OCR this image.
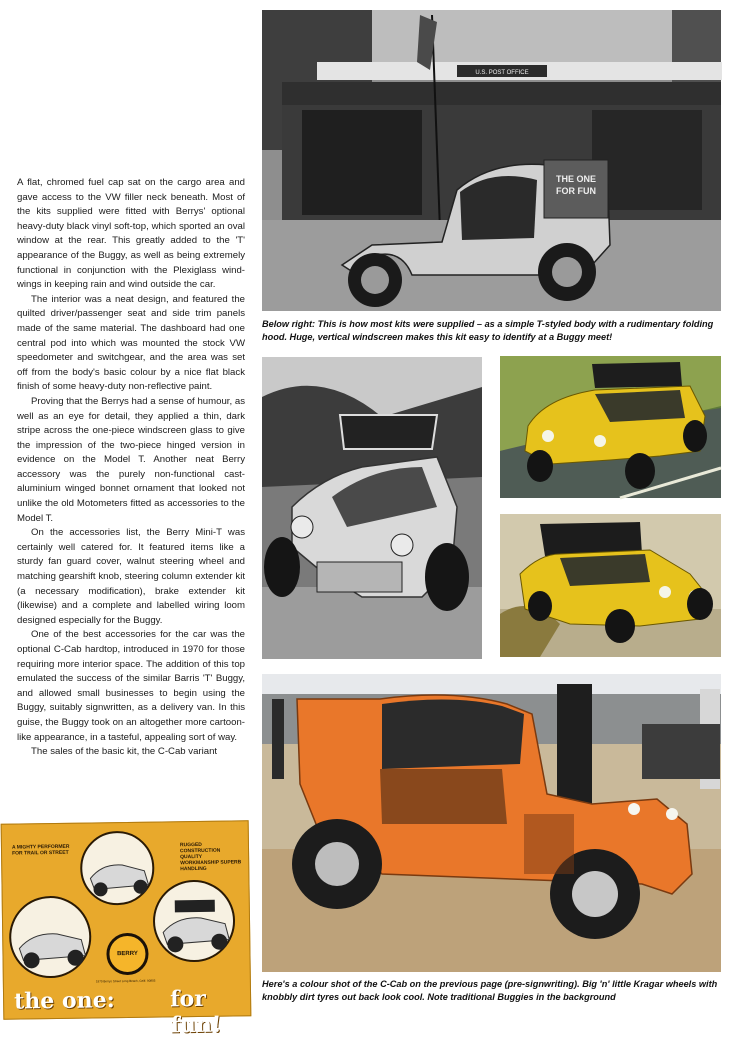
A flat, chromed fuel cap sat on the cargo area and gave access to the VW filler neck beneath. Most of the kits supplied were fitted with Berrys' optional heavy-duty black vinyl soft-top, which sported an oval window at the rear. This greatly added to the 'T' appearance of the Buggy, as well as being extremely functional in conjunction with the Plexiglass wind-wings in keeping rain and wind outside the car.

The interior was a neat design, and featured the quilted driver/passenger seat and side trim panels made of the same material. The dashboard had one central pod into which was mounted the stock VW speedometer and switchgear, and the area was set off from the body's basic colour by a nice flat black finish of some heavy-duty non-reflective paint.

Proving that the Berrys had a sense of humour, as well as an eye for detail, they applied a thin, dark stripe across the one-piece windscreen glass to give the impression of the two-piece hinged version in evidence on the Model T. Another neat Berry accessory was the purely non-functional cast-aluminium winged bonnet ornament that looked not unlike the old Motometers fitted as accessories to the Model T.

On the accessories list, the Berry Mini-T was certainly well catered for. It featured items like a sturdy fan guard cover, walnut steering wheel and matching gearshift knob, steering column extender kit (a necessary modification), brake extender kit (likewise) and a complete and labelled wiring loom designed especially for the Buggy.

One of the best accessories for the car was the optional C-Cab hardtop, introduced in 1970 for those requiring more interior space. The addition of this top emulated the success of the similar Barris 'T' Buggy, and allowed small businesses to begin using the Buggy, suitably signwritten, as a delivery van. In this guise, the Buggy took on an altogether more cartoon-like appearance, in a tasteful, appealing sort of way.

The sales of the basic kit, the C-Cab variant

U.S. POST OFFICE
THE ONE
FOR FUN
Below right: This is how most kits were supplied – as a simple T-styled body with a rudimentary folding hood. Huge, vertical windscreen makes this kit easy to identify at a Buggy meet!
Here's a colour shot of the C-Cab on the previous page (pre-signwriting). Big 'n' little Kragar wheels with knobbly dirt tyres out back look cool. Note traditional Buggies in the background
A MIGHTY PERFORMER FOR TRAIL OR STREET
RUGGED CONSTRUCTION QUALITY WORKMANSHIP SUPERB HANDLING
BERRY
1970 Berrys Street Long Beach, Calif. 90805
the one:	for fun!
